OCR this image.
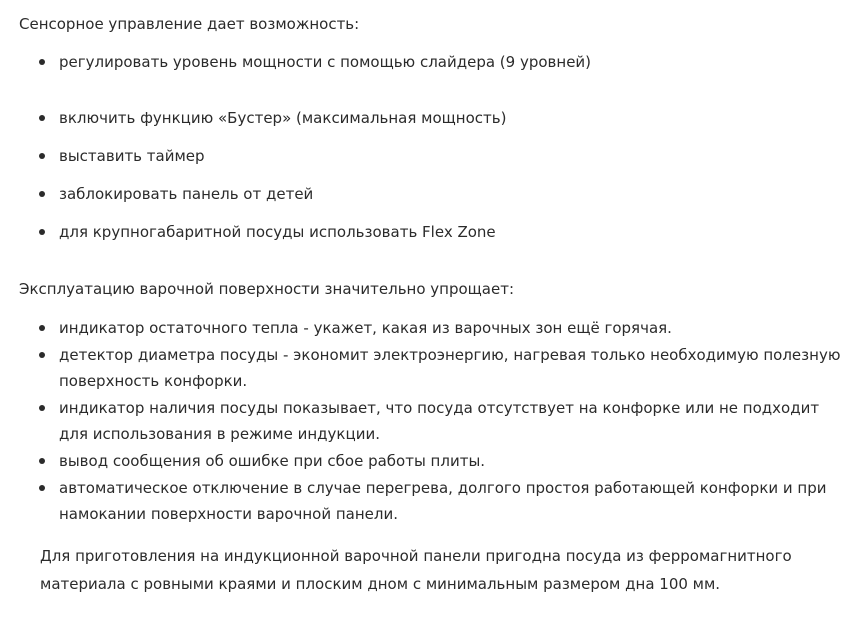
Сенсорное управление дает возможность:

регулировать уровень мощности с помощью слайдера (9 уровней)
включить функцию «Бустер» (максимальная мощность)
выставить таймер
заблокировать панель от детей
для крупногабаритной посуды использовать Flex Zone

Эксплуатацию варочной поверхности значительно упрощает:

индикатор остаточного тепла - укажет, какая из варочных зон ещё горячая.
детектор диаметра посуды - экономит электроэнергию, нагревая только необходимую полезную поверхность конфорки.
индикатор наличия посуды показывает, что посуда отсутствует на конфорке или не подходит для использования в режиме индукции.
вывод сообщения об ошибке при сбое работы плиты.
автоматическое отключение в случае перегрева, долгого простоя работающей конфорки и при намокании поверхности варочной панели.

Для приготовления на индукционной варочной панели пригодна посуда из ферромагнитного материала с ровными краями и плоским дном с минимальным размером дна 100 мм.
